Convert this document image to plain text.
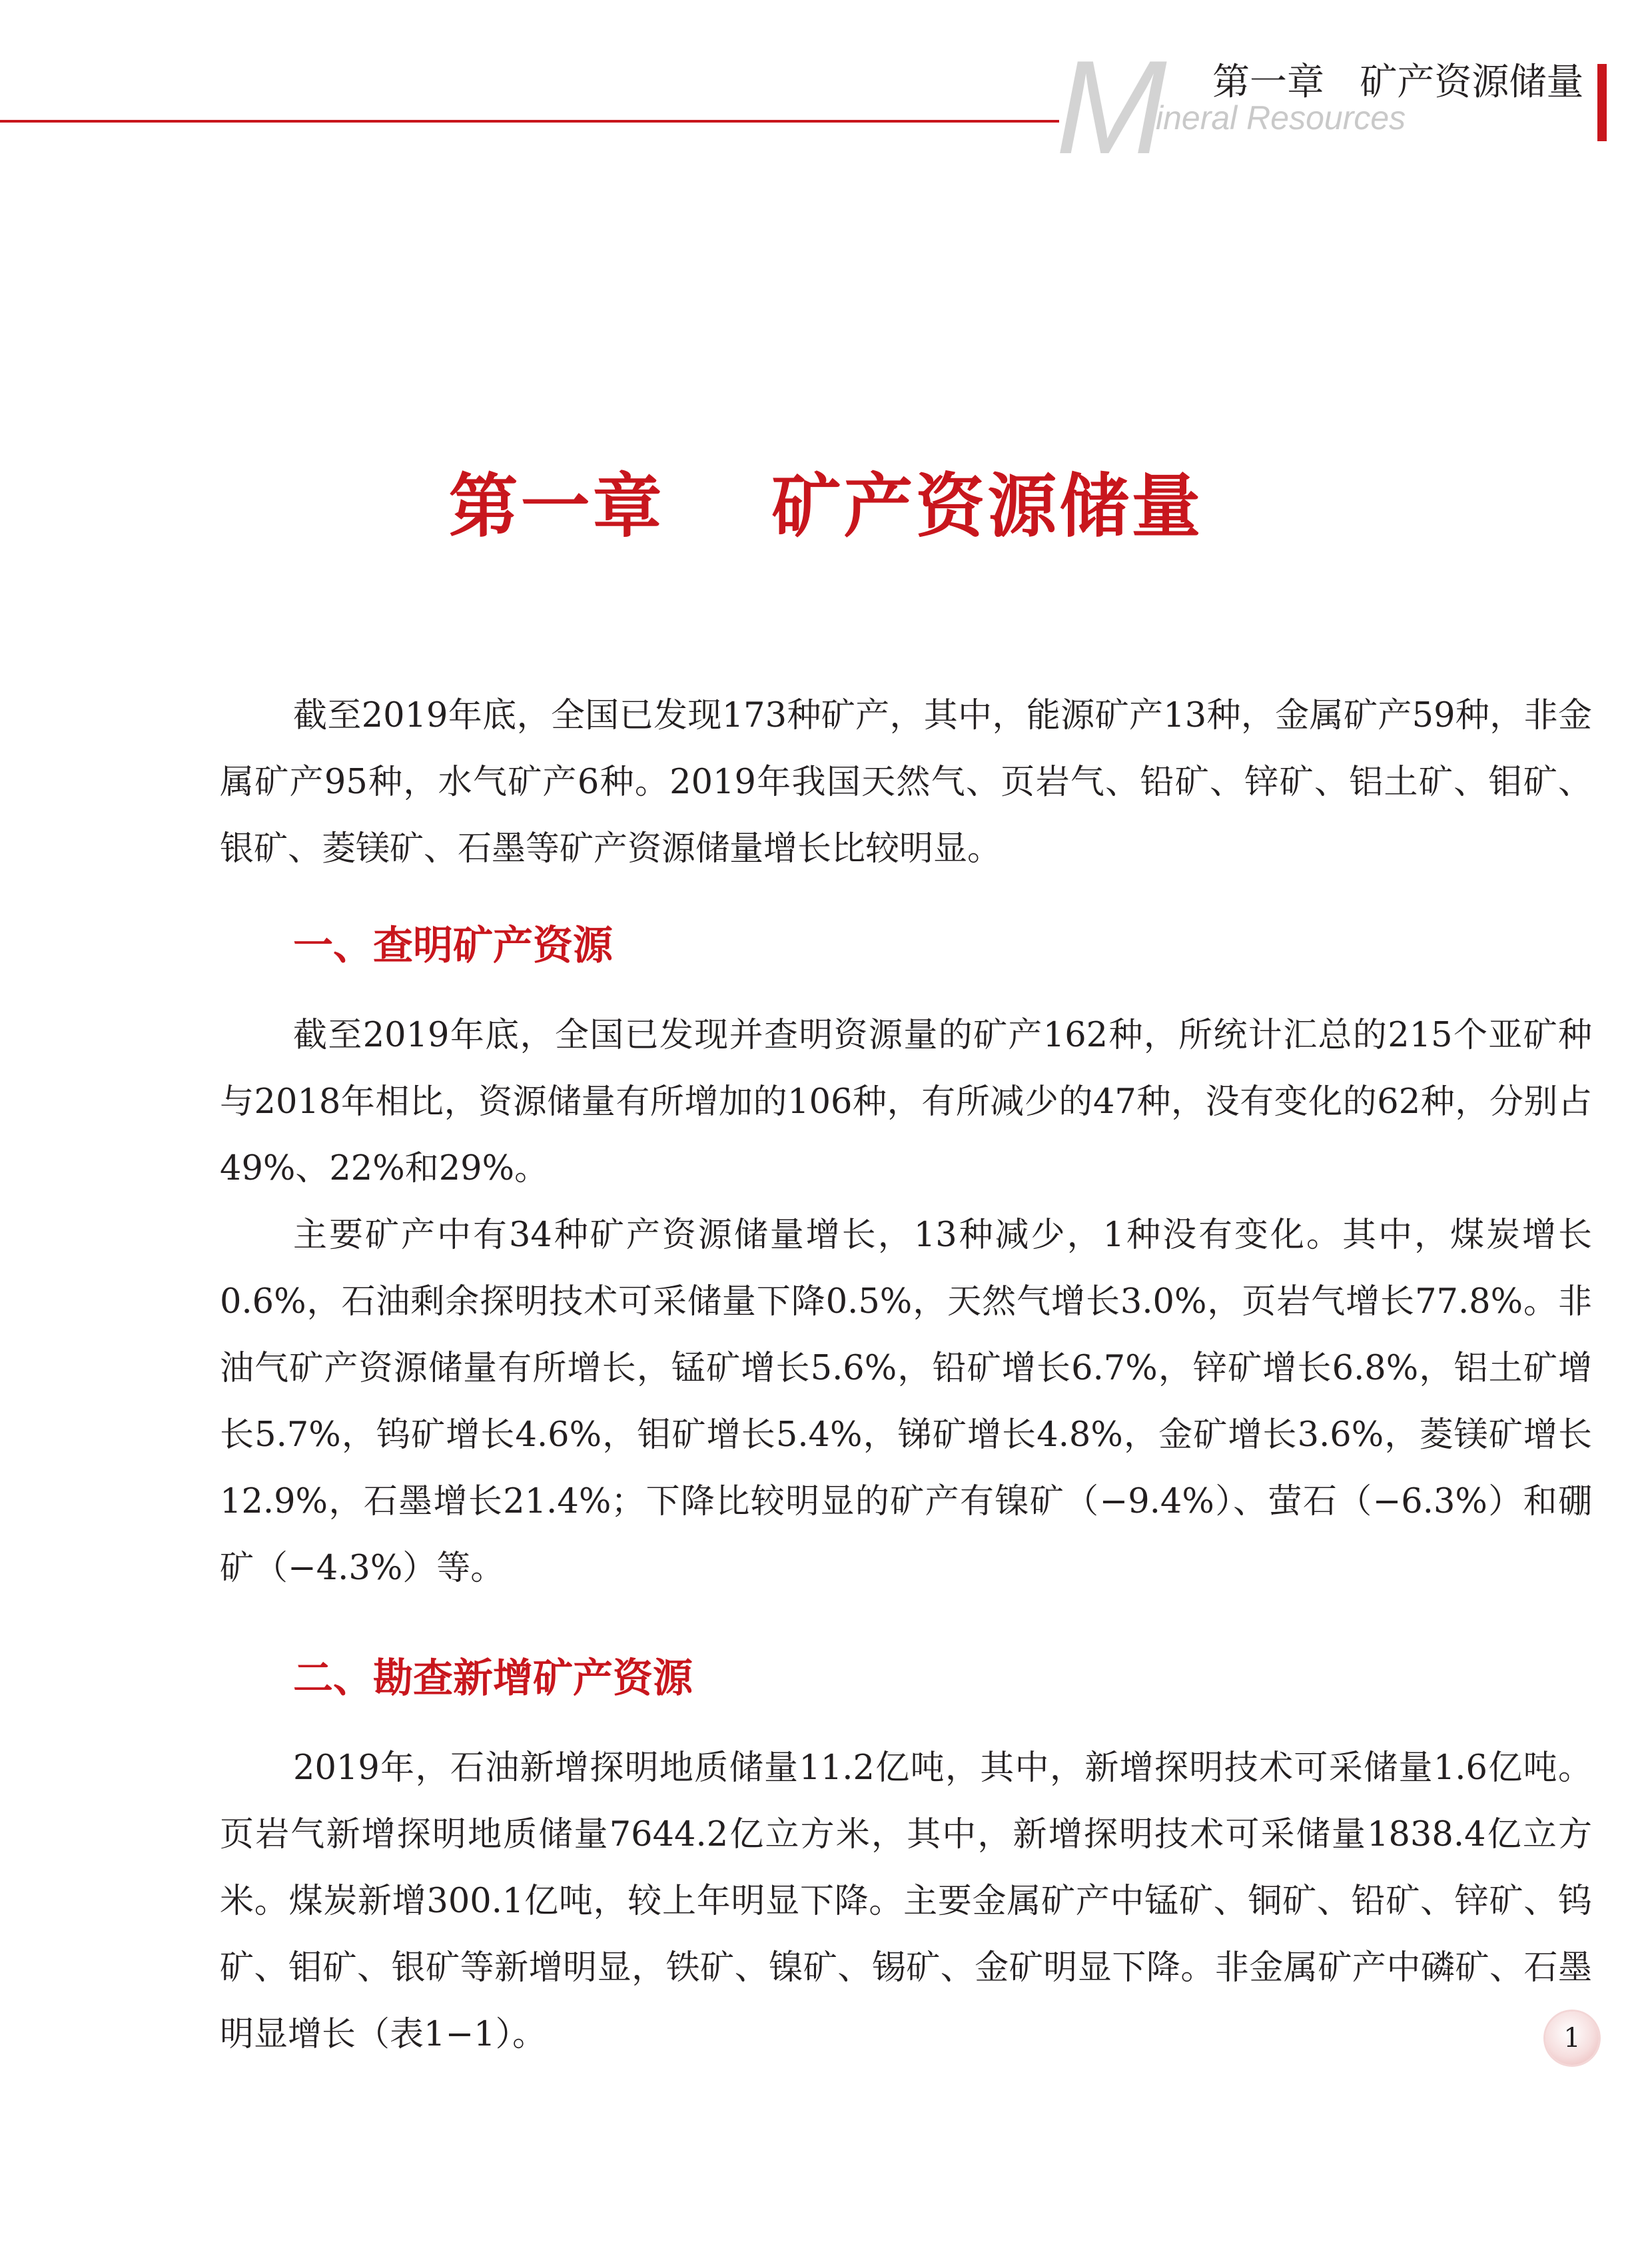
M
ineral Resources
第一章   矿产资源储量
第一章    矿产资源储量

截至2019年底，全国已发现173种矿产，其中，能源矿产13种，金属矿产59种，非金属矿产95种，水气矿产6种。2019年我国天然气、页岩气、铅矿、锌矿、铝土矿、钼矿、银矿、菱镁矿、石墨等矿产资源储量增长比较明显。

一、查明矿产资源

截至2019年底，全国已发现并查明资源量的矿产162种，所统计汇总的215个亚矿种与2018年相比，资源储量有所增加的106种，有所减少的47种，没有变化的62种，分别占49%、22%和29%。

主要矿产中有34种矿产资源储量增长，13种减少，1种没有变化。其中，煤炭增长0.6%，石油剩余探明技术可采储量下降0.5%，天然气增长3.0%，页岩气增长77.8%。非油气矿产资源储量有所增长，锰矿增长5.6%，铅矿增长6.7%，锌矿增长6.8%，铝土矿增长5.7%，钨矿增长4.6%，钼矿增长5.4%，锑矿增长4.8%，金矿增长3.6%，菱镁矿增长12.9%，石墨增长21.4%；下降比较明显的矿产有镍矿（−9.4%）、萤石（−6.3%）和硼矿（−4.3%）等。

二、勘查新增矿产资源

2019年，石油新增探明地质储量11.2亿吨，其中，新增探明技术可采储量1.6亿吨。页岩气新增探明地质储量7644.2亿立方米，其中，新增探明技术可采储量1838.4亿立方米。煤炭新增300.1亿吨，较上年明显下降。主要金属矿产中锰矿、铜矿、铅矿、锌矿、钨矿、钼矿、银矿等新增明显，铁矿、镍矿、锡矿、金矿明显下降。非金属矿产中磷矿、石墨明显增长（表1−1）。	1
